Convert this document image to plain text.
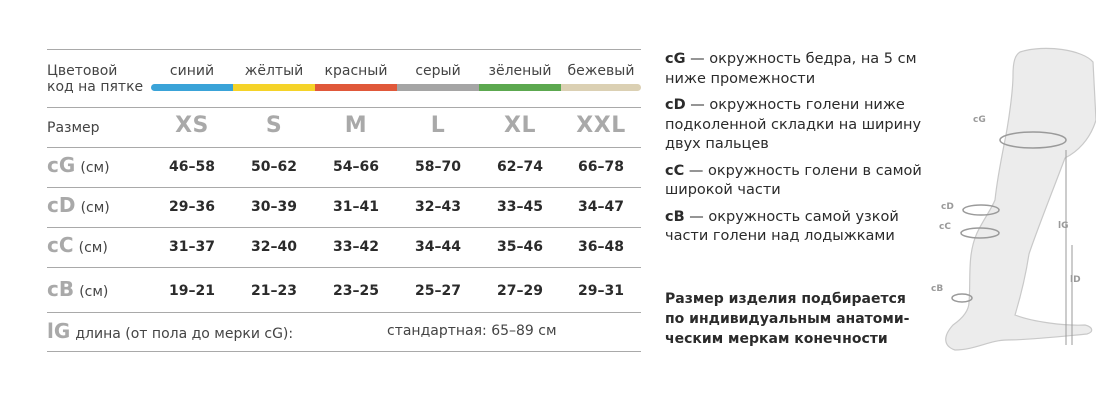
Цветовой
код на пятке
синий	жёлтый	красный	серый	зёленый	бежевый
Размер	XS	S	M	L	XL	XXL
cG (см)	46–58	50–62	54–66	58–70	62–74	66–78
cD (см)	29–36	30–39	31–41	32–43	33–45	34–47
cC (см)	31–37	32–40	33–42	34–44	35–46	36–48
cB (см)	19–21	21–23	23–25	25–27	27–29	29–31
lG длина (от пола до мерки cG):	стандартная: 65–89 см
cG — окружность бедра, на 5 см ниже промежности
cD — окружность голени ниже подколенной складки на ширину двух пальцев
cC — окружность голени в самой широкой части
cB — окружность самой узкой части голени над лодыжками
Размер изделия подбирается по индивидуальным анатомическим меркам конечности
cG
cD
cC
cB
lG
lD
